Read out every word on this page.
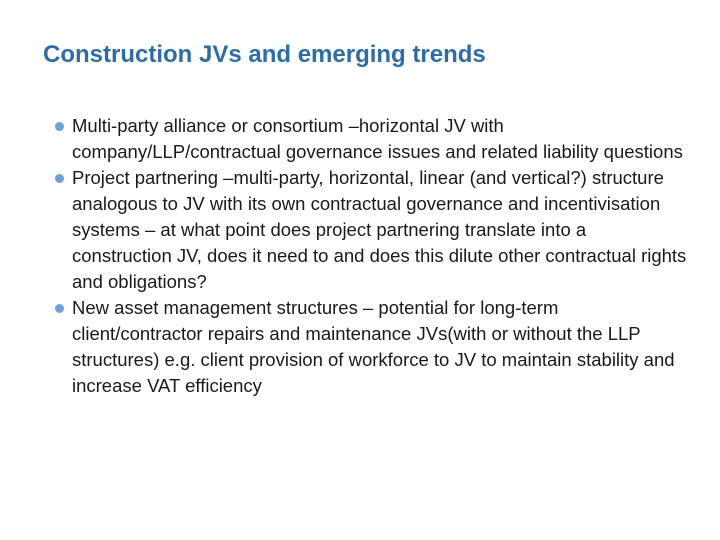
Construction JVs and emerging trends
Multi-party alliance or consortium –horizontal JV with company/LLP/contractual governance issues and related liability questions
Project partnering –multi-party, horizontal, linear (and vertical?) structure analogous to JV with its own contractual governance and incentivisation systems – at what point does project partnering translate into a construction JV, does it need to and does this dilute other contractual rights and obligations?
New asset management structures – potential for long-term client/contractor repairs and maintenance JVs(with or without the LLP structures) e.g. client provision of workforce to JV to maintain stability and increase VAT efficiency
